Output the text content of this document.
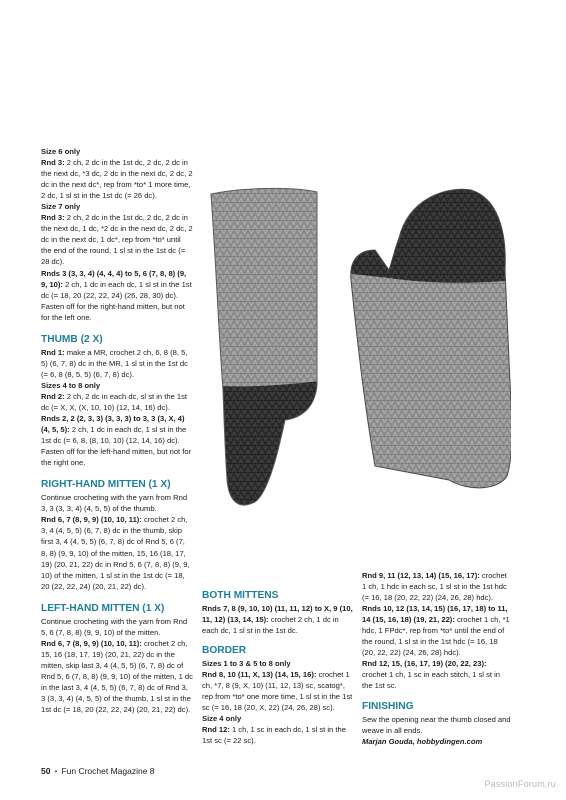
Size 6 only

Rnd 3: 2 ch, 2 dc in the 1st dc, 2 dc, 2 dc in the next dc, *3 dc, 2 dc in the next dc, 2 dc, 2 dc in the next dc*, rep from *to* 1 more time, 2 dc, 1 sl st in the 1st dc (= 26 dc).

Size 7 only

Rnd 3: 2 ch, 2 dc in the 1st dc, 2 dc, 2 dc in the next dc, 1 dc, *2 dc in the next dc, 2 dc, 2 dc in the next dc, 1 dc*, rep from *to* until the end of the round, 1 sl st in the 1st dc (= 28 dc).

Rnds 3 (3, 3, 4) (4, 4, 4) to 5, 6 (7, 8, 8) (9, 9, 10): 2 ch, 1 dc in each dc, 1 sl st in the 1st dc (= 18, 20 (22, 22, 24) (26, 28, 30) dc). Fasten off for the right-hand mitten, but not for the left one.

THUMB (2 X)

Rnd 1: make a MR, crochet 2 ch, 6, 8 (8, 5, 5) (6, 7, 8) dc in the MR, 1 sl st in the 1st dc (= 6, 8 (8, 5, 5) (6, 7, 8) dc).

Sizes 4 to 8 only

Rnd 2: 2 ch, 2 dc in each dc, sl st in the 1st dc (= X, X, (X, 10, 10) (12, 14, 16) dc).

Rnds 2, 2 (2, 3, 3) (3, 3, 3) to 3, 3 (3, X, 4) (4, 5, 5): 2 ch, 1 dc in each dc, 1 sl st in the 1st dc (= 6, 8, (8, 10, 10) (12, 14, 16) dc). Fasten off for the left-hand mitten, but not for the right one.

RIGHT-HAND MITTEN (1 X)

Continue crocheting with the yarn from Rnd 3, 3 (3, 3, 4) (4, 5, 5) of the thumb.

Rnd 6, 7 (8, 9, 9) (10, 10, 11): crochet 2 ch, 3, 4 (4, 5, 5) (6, 7, 8) dc in the thumb, skip first 3, 4 (4, 5, 5) (6, 7, 8) dc of Rnd 5, 6 (7, 8, 8) (9, 9, 10) of the mitten, 15, 16 (18, 17, 19) (20, 21, 22) dc in Rnd 5, 6 (7, 8, 8) (9, 9, 10) of the mitten, 1 sl st in the 1st dc (= 18, 20 (22, 22, 24) (20, 21, 22) dc).

LEFT-HAND MITTEN (1 X)

Continue crocheting with the yarn from Rnd 5, 6 (7, 8, 8) (9, 9, 10) of the mitten.

Rnd 6, 7 (8, 9, 9) (10, 10, 11): crochet 2 ch, 15, 16 (18, 17, 19) (20, 21, 22) dc in the mitten, skip last 3, 4 (4, 5, 5) (6, 7, 8) dc of Rnd 5, 6 (7, 8, 8) (9, 9, 10) of the mitten, 1 dc in the last 3, 4 (4, 5, 5) (6, 7, 8) dc of Rnd 3, 3 (3, 3, 4) (4, 5, 5) of the thumb, 1 sl st in the 1st dc (= 18, 20 (22, 22, 24) (20, 21, 22) dc).

BOTH MITTENS

Rnds 7, 8 (9, 10, 10) (11, 11, 12) to X, 9 (10, 11, 12) (13, 14, 15): crochet 2 ch, 1 dc in each dc, 1 sl st in the 1st dc.

BORDER

Sizes 1 to 3 & 5 to 8 only

Rnd 8, 10 (11, X, 13) (14, 15, 16): crochet 1 ch, *7, 8 (9, X, 10) (11, 12, 13) sc, scatog*, rep from *to* one more time, 1 sl st in the 1st sc (= 16, 18 (20, X, 22) (24, 26, 28) sc).

Size 4 only

Rnd 12: 1 ch, 1 sc in each dc, 1 sl st in the 1st sc (= 22 sc).

Rnd 9, 11 (12, 13, 14) (15, 16, 17): crochet 1 ch, 1 hdc in each sc, 1 sl st in the 1st hdc (= 16, 18 (20, 22, 22) (24, 26, 28) hdc).

Rnds 10, 12 (13, 14, 15) (16, 17, 18) to 11, 14 (15, 16, 18) (19, 21, 22): crochet 1 ch, *1 hdc, 1 FPdc*, rep from *to* until the end of the round, 1 sl st in the 1st hdc (= 16, 18 (20, 22, 22) (24, 26, 28) hdc).

Rnd 12, 15, (16, 17, 19) (20, 22, 23): crochet 1 ch, 1 sc in each stitch, 1 sl st in the 1st sc.

FINISHING

Sew the opening near the thumb closed and weave in all ends.

Marjan Gouda, hobbydingen.com

50 • Fun Crochet Magazine 8
PassionForum.ru
